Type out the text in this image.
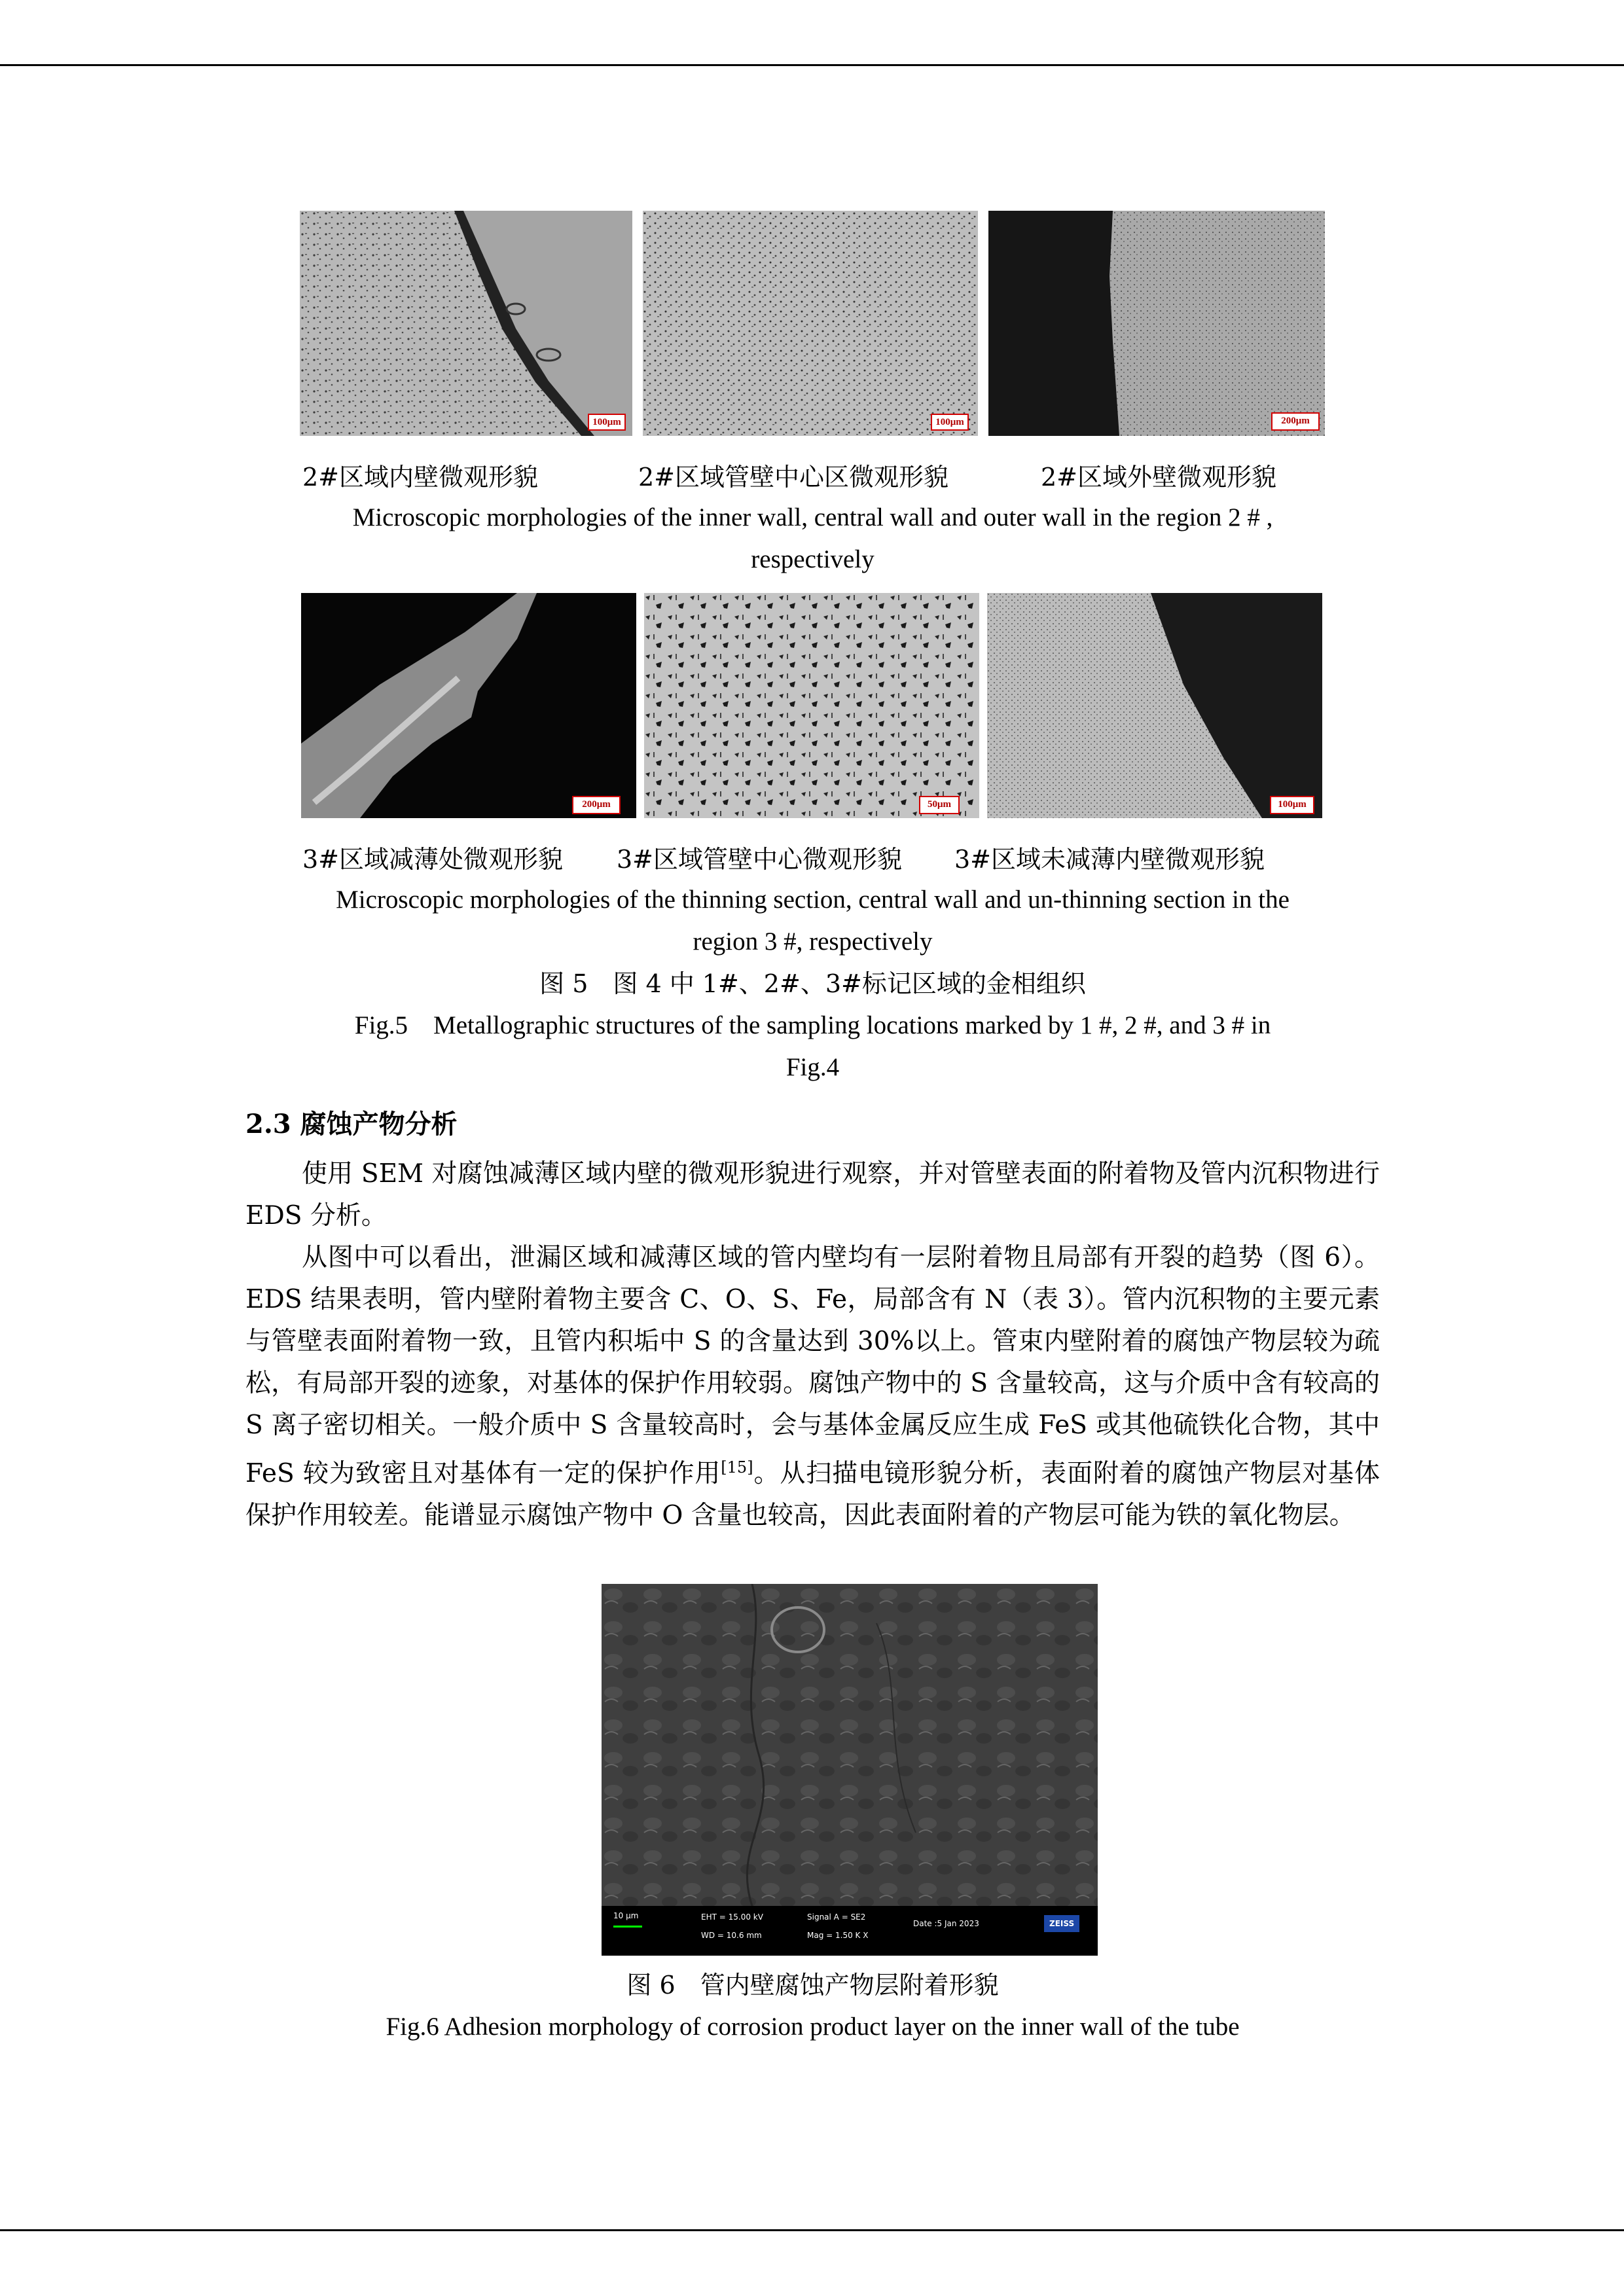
100μm	100μm	200μm
2#区域内壁微观形貌	2#区域管壁中心区微观形貌	2#区域外壁微观形貌
Microscopic morphologies of the inner wall, central wall and outer wall in the region 2 # ,
respectively
200μm	50μm	100μm
3#区域减薄处微观形貌 3#区域管壁中心微观形貌 3#区域未减薄内壁微观形貌
Microscopic morphologies of the thinning section, central wall and un-thinning section in the
region 3 #, respectively
图 5　图 4 中 1#、2#、3#标记区域的金相组织
Fig.5　Metallographic structures of the sampling locations marked by 1 #, 2 #, and 3 # in
Fig.4
2.3 腐蚀产物分析
使用 SEM 对腐蚀减薄区域内壁的微观形貌进行观察，并对管壁表面的附着物及管内沉积物进行 EDS 分析。
从图中可以看出，泄漏区域和减薄区域的管内壁均有一层附着物且局部有开裂的趋势（图 6）。EDS 结果表明，管内壁附着物主要含 C、O、S、Fe，局部含有 N（表 3）。管内沉积物的主要元素与管壁表面附着物一致，且管内积垢中 S 的含量达到 30%以上。管束内壁附着的腐蚀产物层较为疏松，有局部开裂的迹象，对基体的保护作用较弱。腐蚀产物中的 S 含量较高，这与介质中含有较高的 S 离子密切相关。一般介质中 S 含量较高时，会与基体金属反应生成 FeS 或其他硫铁化合物，其中 FeS 较为致密且对基体有一定的保护作用[15]。从扫描电镜形貌分析，表面附着的腐蚀产物层对基体保护作用较差。能谱显示腐蚀产物中 O 含量也较高，因此表面附着的产物层可能为铁的氧化物层。
10 μm	EHT = 15.00 kV
WD = 10.6 mm
Signal A = SE2
Mag = 1.50 K X
Date :5 Jan 2023	ZEISS
图 6　管内壁腐蚀产物层附着形貌
Fig.6 Adhesion morphology of corrosion product layer on the inner wall of the tube
